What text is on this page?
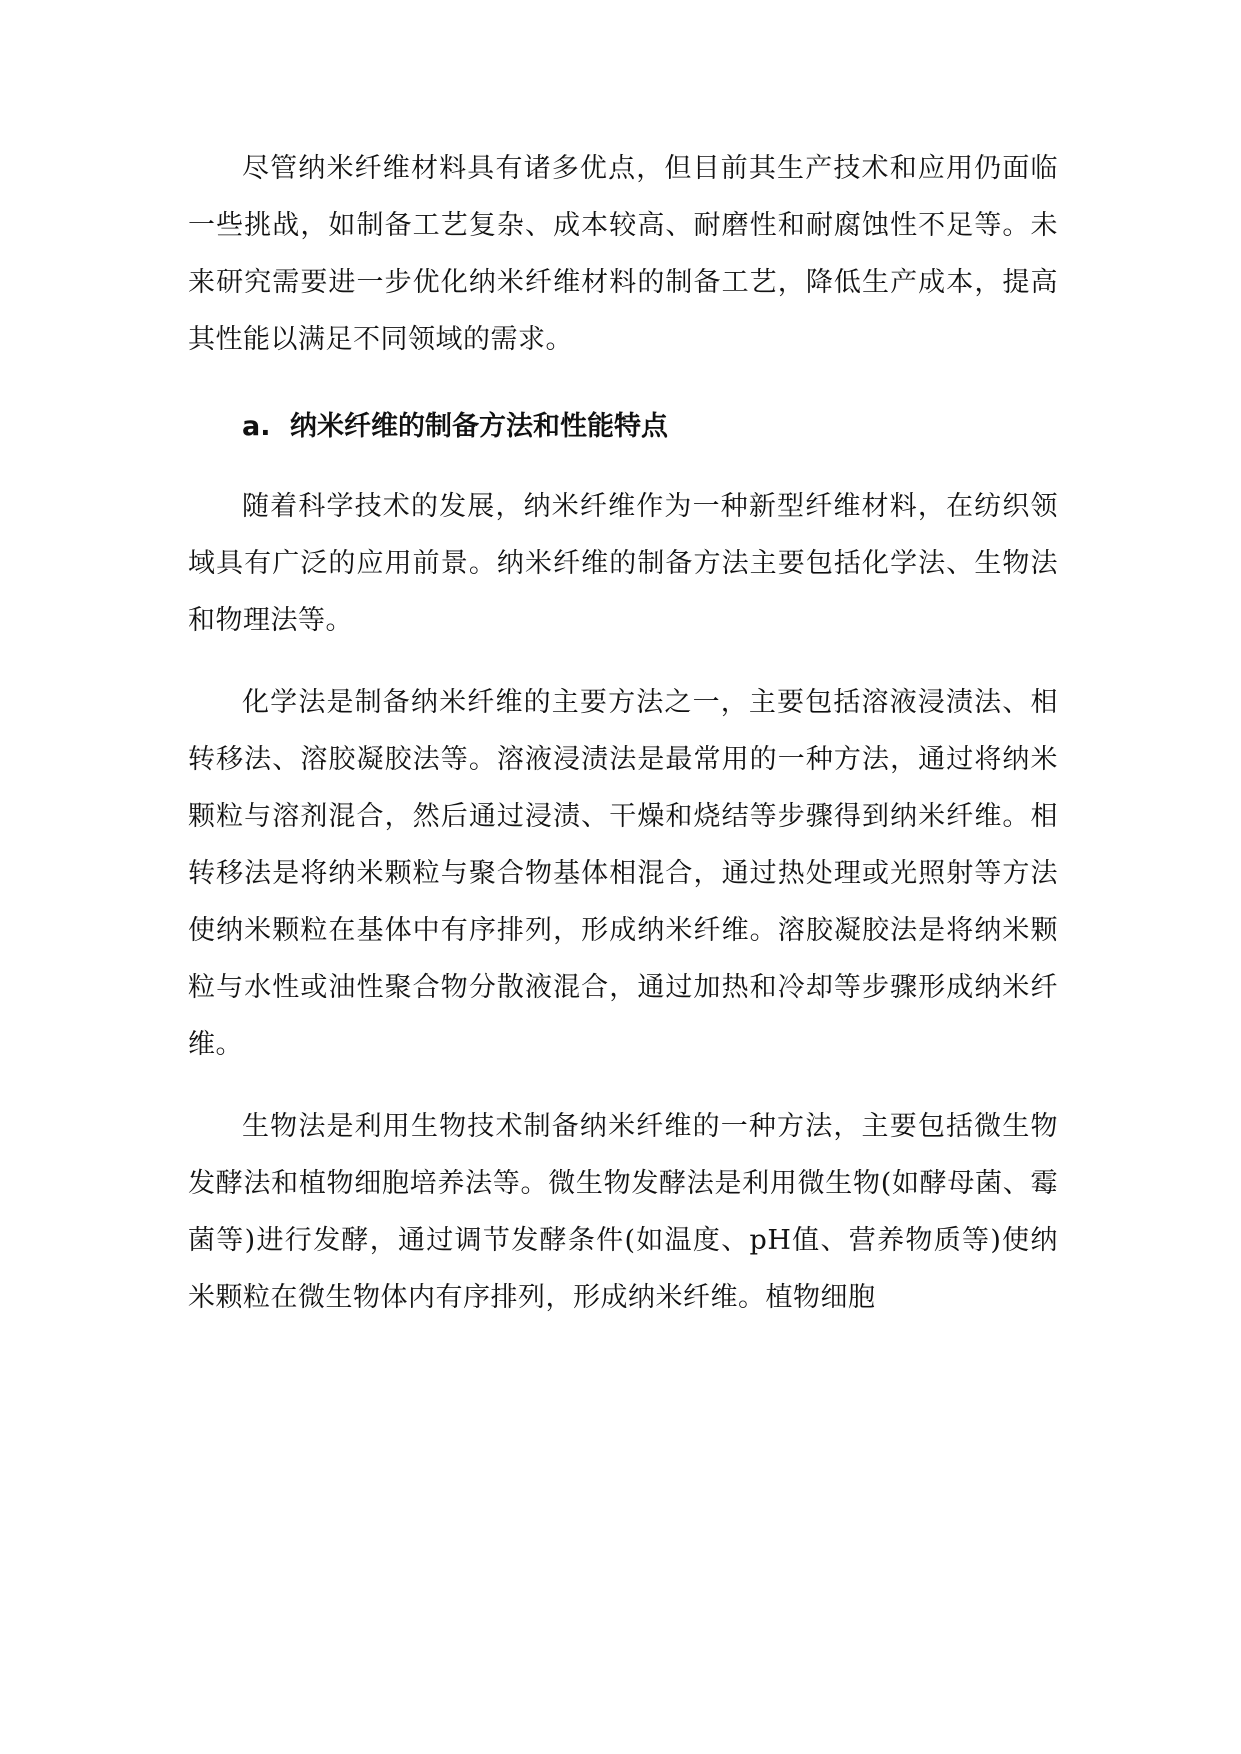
尽管纳米纤维材料具有诸多优点，但目前其生产技术和应用仍面临一些挑战，如制备工艺复杂、成本较高、耐磨性和耐腐蚀性不足等。未来研究需要进一步优化纳米纤维材料的制备工艺，降低生产成本，提高其性能以满足不同领域的需求。

a. 纳米纤维的制备方法和性能特点

随着科学技术的发展，纳米纤维作为一种新型纤维材料，在纺织领域具有广泛的应用前景。纳米纤维的制备方法主要包括化学法、生物法和物理法等。

化学法是制备纳米纤维的主要方法之一，主要包括溶液浸渍法、相转移法、溶胶凝胶法等。溶液浸渍法是最常用的一种方法，通过将纳米颗粒与溶剂混合，然后通过浸渍、干燥和烧结等步骤得到纳米纤维。相转移法是将纳米颗粒与聚合物基体相混合，通过热处理或光照射等方法使纳米颗粒在基体中有序排列，形成纳米纤维。溶胶凝胶法是将纳米颗粒与水性或油性聚合物分散液混合，通过加热和冷却等步骤形成纳米纤维。

生物法是利用生物技术制备纳米纤维的一种方法，主要包括微生物发酵法和植物细胞培养法等。微生物发酵法是利用微生物(如酵母菌、霉菌等)进行发酵，通过调节发酵条件(如温度、pH值、营养物质等)使纳米颗粒在微生物体内有序排列，形成纳米纤维。植物细胞
